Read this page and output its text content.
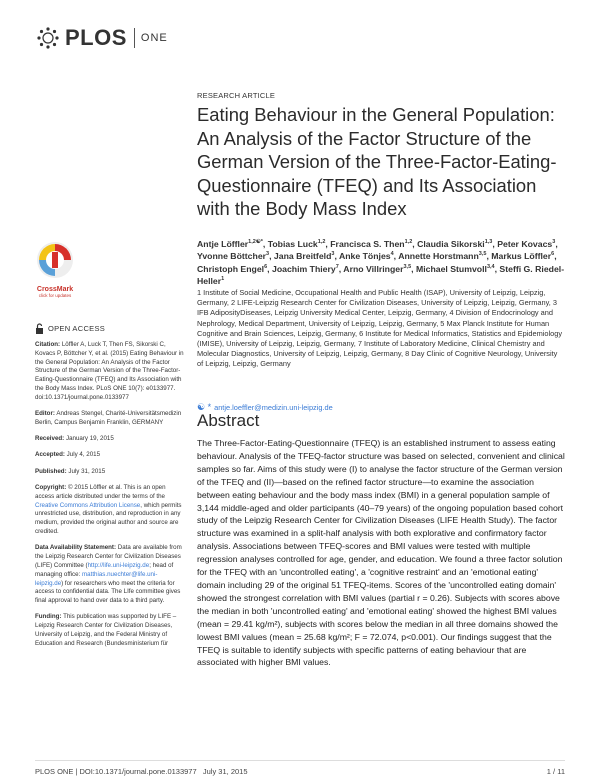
PLOS ONE
RESEARCH ARTICLE
Eating Behaviour in the General Population: An Analysis of the Factor Structure of the German Version of the Three-Factor-Eating-Questionnaire (TFEQ) and Its Association with the Body Mass Index
Antje Löffler$^{1,2☯*}$, Tobias Luck$^{1,2}$, Francisca S. Then$^{1,2}$, Claudia Sikorski$^{1,3}$, Peter Kovacs$^3$, Yvonne Böttcher$^3$, Jana Breitfeld$^3$, Anke Tönjes$^4$, Annette Horstmann$^{3,5}$, Markus Löffler$^6$, Christoph Engel$^6$, Joachim Thiery$^7$, Arno Villringer$^{3,5}$, Michael Stumvoll$^{3,4}$, Steffi G. Riedel-Heller$^1$
1 Institute of Social Medicine, Occupational Health and Public Health (ISAP), University of Leipzig, Leipzig, Germany, 2 LIFE-Leipzig Research Center for Civilization Diseases, University of Leipzig, Leipzig, Germany, 3 IFB AdiposityDiseases, Leipzig University Medical Center, Leipzig, Germany, 4 Division of Endocrinology and Nephrology, Medical Department, University of Leipzig, Leipzig, Germany, 5 Max Planck Institute for Human Cognitive and Brain Sciences, Leipzig, Germany, 6 Institute for Medical Informatics, Statistics and Epidemiology (IMISE), University of Leipzig, Leipzig, Germany, 7 Institute of Laboratory Medicine, Clinical Chemistry and Molecular Diagnostics, University of Leipzig, Leipzig, Germany, 8 Day Clinic of Cognitive Neurology, University of Leipzig, Leipzig, Germany
☯ * antje.loeffler@medizin.uni-leipzig.de
Abstract
The Three-Factor-Eating-Questionnaire (TFEQ) is an established instrument to assess eating behaviour. Analysis of the TFEQ-factor structure was based on selected, convenient and clinical samples so far. Aims of this study were (I) to analyse the factor structure of the German version of the TFEQ and (II)—based on the refined factor structure—to examine the association between eating behaviour and the body mass index (BMI) in a general population sample of 3,144 middle-aged and older participants (40–79 years) of the ongoing population based cohort study of the Leipzig Research Center for Civilization Diseases (LIFE Health Study). The factor structure was examined in a split-half analysis with both explorative and confirmatory factor analysis. Associations between TFEQ-scores and BMI values were tested with multiple regression analyses controlled for age, gender, and education. We found a three factor solution for the TFEQ with an 'uncontrolled eating', a 'cognitive restraint' and an 'emotional eating' domain including 29 of the original 51 TFEQ-items. Scores of the 'uncontrolled eating domain' showed the strongest correlation with BMI values (partial r = 0.26). Subjects with scores above the median in both 'uncontrolled eating' and 'emotional eating' showed the highest BMI values (mean = 29.41 kg/m²), subjects with scores below the median in all three domains showed the lowest BMI values (mean = 25.68 kg/m²; F = 72.074, p<0.001). Our findings suggest that the TFEQ is suitable to identify subjects with specific patterns of eating behaviour that are associated with higher BMI values.
CrossMark
click for updates
OPEN ACCESS

Citation: Löffler A, Luck T, Then FS, Sikorski C, Kovacs P, Böttcher Y, et al. (2015) Eating Behaviour in the General Population: An Analysis of the Factor Structure of the German Version of the Three-Factor-Eating-Questionnaire (TFEQ) and Its Association with the Body Mass Index. PLoS ONE 10(7): e0133977. doi:10.1371/journal.pone.0133977

Editor: Andreas Stengel, Charité-Universitätsmedizin Berlin, Campus Benjamin Franklin, GERMANY

Received: January 19, 2015

Accepted: July 4, 2015

Published: July 31, 2015

Copyright: © 2015 Löffler et al. This is an open access article distributed under the terms of the Creative Commons Attribution License, which permits unrestricted use, distribution, and reproduction in any medium, provided the original author and source are credited.

Data Availability Statement: Data are available from the Leipzig Research Center for Civilization Diseases (LIFE) Committee (http://life.uni-leipzig.de; head of managing office: matthias.nuechter@life.uni-leipzig.de) for researchers who meet the criteria for access to confidential data. The LIfe committee gives final approval to hand over data to a third party.

Funding: This publication was supported by LIFE – Leipzig Research Center for Civilization Diseases, University of Leipzig, and the Federal Ministry of Education and Research (Bundesministerium für

PLOS ONE | DOI:10.1371/journal.pone.0133977   July 31, 2015	1 / 11
